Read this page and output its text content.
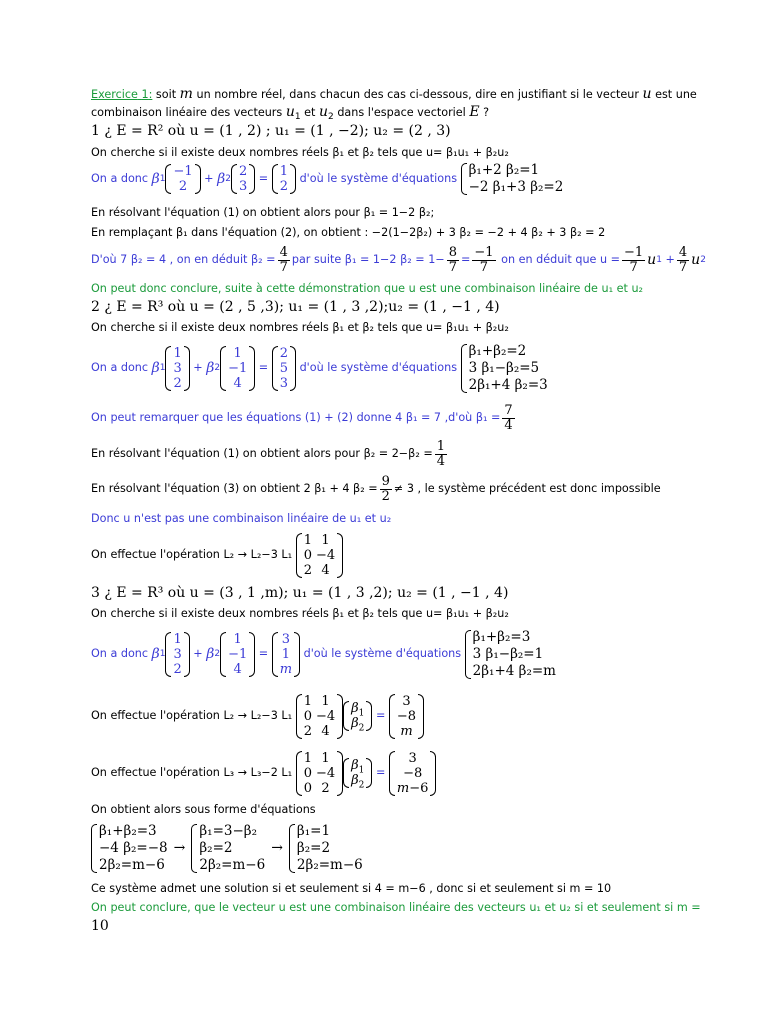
Exercice 1: soit m un nombre réel, dans chacun des cas ci-dessous, dire en justifiant si le vecteur u est une
combinaison linéaire des vecteurs $u_1$ et $u_2$ dans l'espace vectoriel E ?
1 ¿ E = R² où u = (1 , 2) ; u₁ = (1 , −2); u₂ = (2 , 3)
On cherche si il existe deux nombres réels β₁ et β₂ tels que u= β₁u₁ + β₂u₂
On a donc
β 1 −1
2
+ β 2 2
3
= 1
2

d'où le système d'équations

β₁+2 β₂=1
−2 β₁+3 β₂=2
En résolvant l'équation (1) on obtient alors pour β₁ = 1−2 β₂;
En remplaçant β₁ dans l'équation (2), on obtient : −2(1−2β₂) + 3 β₂ = −2 + 4 β₂ + 3 β₂ = 2
D'où 7 β₂ = 4 , on en déduit $\beta_2 = \frac{4}{7}$ par suite β₁ = 1−2 $\beta_2 = 1- \frac{8}{7} = \frac{-1}{7}$
on en déduit que $u = \frac{-1}{7}$ u $1 + \frac{4}{7}$ u 2
On peut donc conclure, suite à cette démonstration que u est une combinaison linéaire de u₁ et u₂
2 ¿ E = R³ où u = (2 , 5 ,3); u₁ = (1 , 3 ,2);u₂ = (1 , −1 , 4)
On cherche si il existe deux nombres réels β₁ et β₂ tels que u= β₁u₁ + β₂u₂
On a donc
β 1
1
3
2
+ β 2
1
−1
4
=
2
5
3

d'où le système d'équations

β₁+β₂=2
3 β₁−β₂=5
2β₁+4 β₂=3
On peut remarquer que les équations (1) + (2) donne 4 β₁ = 7 ,d'où $\beta_1 = \frac{7}{4}$
En résolvant l'équation (1) on obtient alors pour $\beta_2 = 2-\beta_2 = \frac{1}{4}$
En résolvant l'équation (3) on obtient 2 β₁ + 4 $\beta_2 = \frac{9}{2} \ne 3$ , le système précédent est donc impossible
Donc u n'est pas une combinaison linéaire de u₁ et u₂
On effectue l'opération L₂ → L₂−3 L₁

1	1
0	−4
2	4
3 ¿ E = R³ où u = (3 , 1 ,m); u₁ = (1 , 3 ,2); u₂ = (1 , −1 , 4)
On cherche si il existe deux nombres réels β₁ et β₂ tels que u= β₁u₁ + β₂u₂
On a donc
β 1
1
3
2
+ β 2
1
−1
4
=
3
1
m

d'où le système d'équations

β₁+β₂=3
3 β₁−β₂=1
2β₁+4 β₂=m
On effectue l'opération L₂ → L₂−3 L₁

1	1
0	−4
2	4
$\beta_1$
$\beta_2$
=
3
−8
m
On effectue l'opération L₃ → L₃−2 L₁

1	1
0	−4
0	2
$\beta_1$
$\beta_2$
=
3
−8
m−6
On obtient alors sous forme d'équations
β₁+β₂=3
−4 β₂=−8
2β₂=m−6
→
β₁=3−β₂
β₂=2
2β₂=m−6
→
β₁=1
β₂=2
2β₂=m−6
Ce système admet une solution si et seulement si 4 = m−6 , donc si et seulement si m = 10
On peut conclure, que le vecteur u est une combinaison linéaire des vecteurs u₁ et u₂ si et seulement si m =
10
